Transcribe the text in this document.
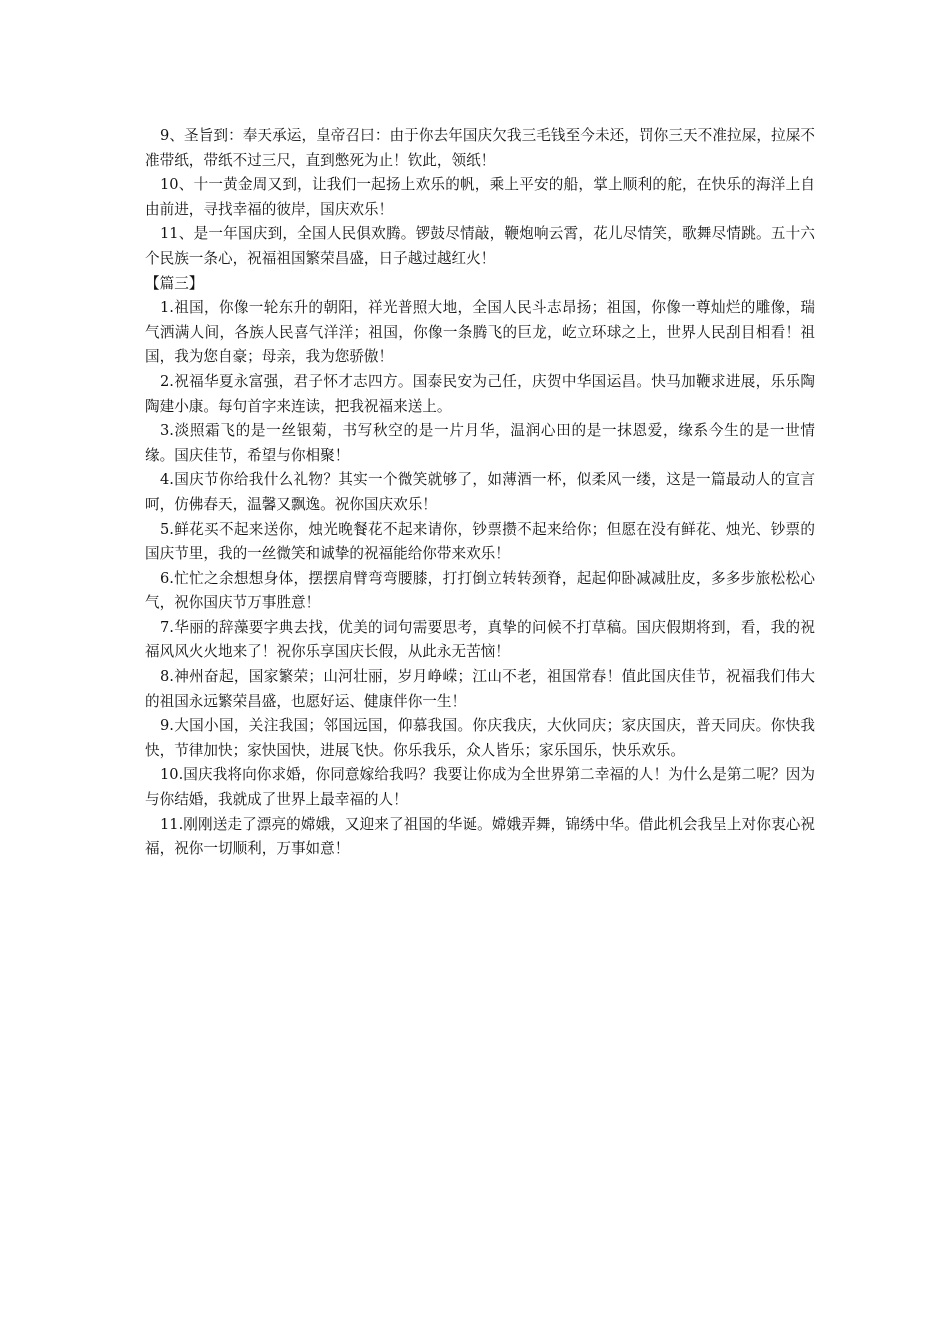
9、圣旨到：奉天承运，皇帝召曰：由于你去年国庆欠我三毛钱至今未还，罚你三天不准拉屎，拉屎不准带纸，带纸不过三尺，直到憋死为止！钦此，领纸！

10、十一黄金周又到，让我们一起扬上欢乐的帆，乘上平安的船，掌上顺利的舵，在快乐的海洋上自由前进，寻找幸福的彼岸，国庆欢乐！

11、是一年国庆到，全国人民俱欢腾。锣鼓尽情敲，鞭炮响云霄，花儿尽情笑，歌舞尽情跳。五十六个民族一条心，祝福祖国繁荣昌盛，日子越过越红火！

【篇三】

1.祖国，你像一轮东升的朝阳，祥光普照大地，全国人民斗志昂扬；祖国，你像一尊灿烂的雕像，瑞气洒满人间，各族人民喜气洋洋；祖国，你像一条腾飞的巨龙，屹立环球之上，世界人民刮目相看！祖国，我为您自豪；母亲，我为您骄傲！

2.祝福华夏永富强，君子怀才志四方。国泰民安为己任，庆贺中华国运昌。快马加鞭求进展，乐乐陶陶建小康。每句首字来连读，把我祝福来送上。

3.淡照霜飞的是一丝银菊，书写秋空的是一片月华，温润心田的是一抹恩爱，缘系今生的是一世情缘。国庆佳节，希望与你相聚！

4.国庆节你给我什么礼物？其实一个微笑就够了，如薄酒一杯，似柔风一缕，这是一篇最动人的宣言呵，仿佛春天，温馨又飘逸。祝你国庆欢乐！

5.鲜花买不起来送你，烛光晚餐花不起来请你，钞票攒不起来给你；但愿在没有鲜花、烛光、钞票的国庆节里，我的一丝微笑和诚挚的祝福能给你带来欢乐！

6.忙忙之余想想身体，摆摆肩臂弯弯腰膝，打打倒立转转颈脊，起起仰卧减减肚皮，多多步旅松松心气，祝你国庆节万事胜意！

7.华丽的辞藻要字典去找，优美的词句需要思考，真挚的问候不打草稿。国庆假期将到，看，我的祝福风风火火地来了！祝你乐享国庆长假，从此永无苦恼！

8.神州奋起，国家繁荣；山河壮丽，岁月峥嵘；江山不老，祖国常春！值此国庆佳节，祝福我们伟大的祖国永远繁荣昌盛，也愿好运、健康伴你一生！

9.大国小国，关注我国；邻国远国，仰慕我国。你庆我庆，大伙同庆；家庆国庆，普天同庆。你快我快，节律加快；家快国快，进展飞快。你乐我乐，众人皆乐；家乐国乐，快乐欢乐。

10.国庆我将向你求婚，你同意嫁给我吗？我要让你成为全世界第二幸福的人！为什么是第二呢？因为与你结婚，我就成了世界上最幸福的人！

11.刚刚送走了漂亮的嫦娥，又迎来了祖国的华诞。嫦娥弄舞，锦绣中华。借此机会我呈上对你衷心祝福，祝你一切顺利，万事如意！
